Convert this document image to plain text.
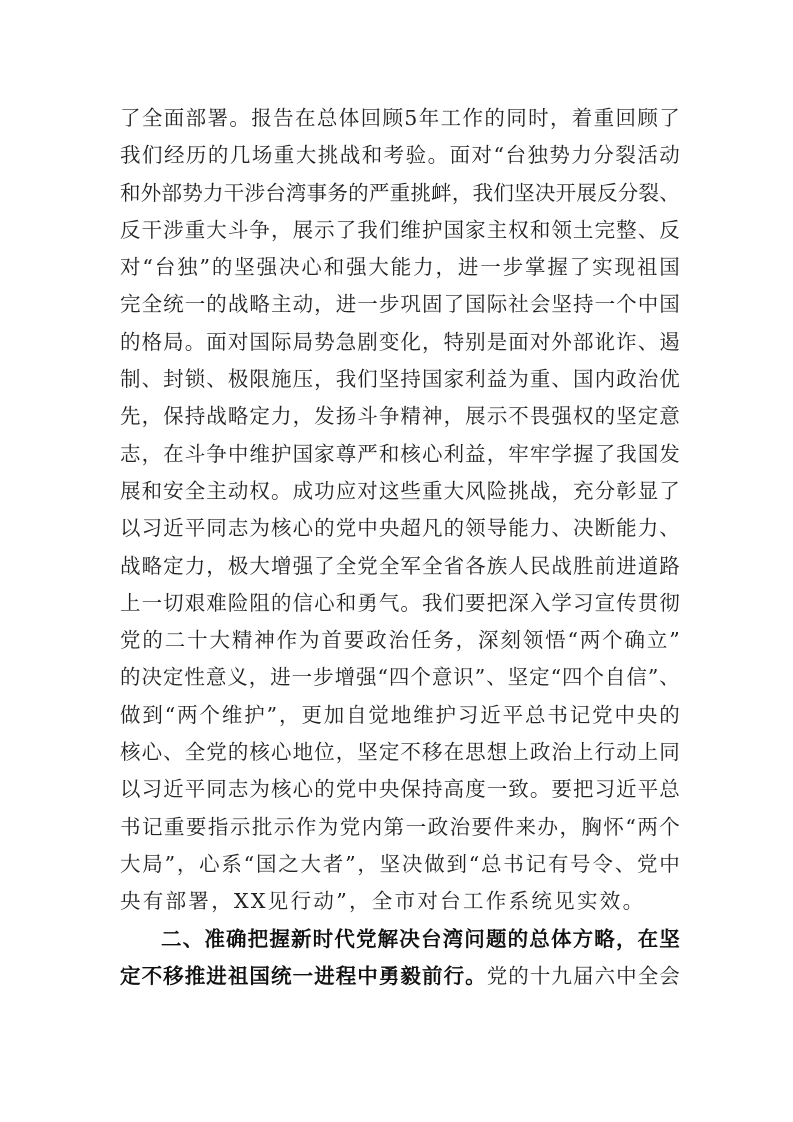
了全面部署。报告在总体回顾5年工作的同时，着重回顾了
我们经历的几场重大挑战和考验。面对“台独势力分裂活动
和外部势力干涉台湾事务的严重挑衅，我们坚决开展反分裂、
反干涉重大斗争，展示了我们维护国家主权和领土完整、反
对“台独”的坚强决心和强大能力，进一步掌握了实现祖国
完全统一的战略主动，进一步巩固了国际社会坚持一个中国
的格局。面对国际局势急剧变化，特别是面对外部讹诈、遏
制、封锁、极限施压，我们坚持国家利益为重、国内政治优
先，保持战略定力，发扬斗争精神，展示不畏强权的坚定意
志，在斗争中维护国家尊严和核心利益，牢牢学握了我国发
展和安全主动权。成功应对这些重大风险挑战，充分彰显了
以习近平同志为核心的党中央超凡的领导能力、决断能力、
战略定力，极大增强了全党全军全省各族人民战胜前进道路
上一切艰难险阻的信心和勇气。我们要把深入学习宣传贯彻
党的二十大精神作为首要政治任务，深刻领悟“两个确立”
的决定性意义，进一步增强“四个意识”、坚定“四个自信”、
做到“两个维护”，更加自觉地维护习近平总书记党中央的
核心、全党的核心地位，坚定不移在思想上政治上行动上同
以习近平同志为核心的党中央保持高度一致。要把习近平总
书记重要指示批示作为党内第一政治要件来办，胸怀“两个
大局”，心系“国之大者”，坚决做到“总书记有号令、党中
央有部署，XX见行动”，全市对台工作系统见实效。
二、准确把握新时代党解决台湾问题的总体方略，在坚
定不移推进祖国统一进程中勇毅前行。党的十九届六中全会
